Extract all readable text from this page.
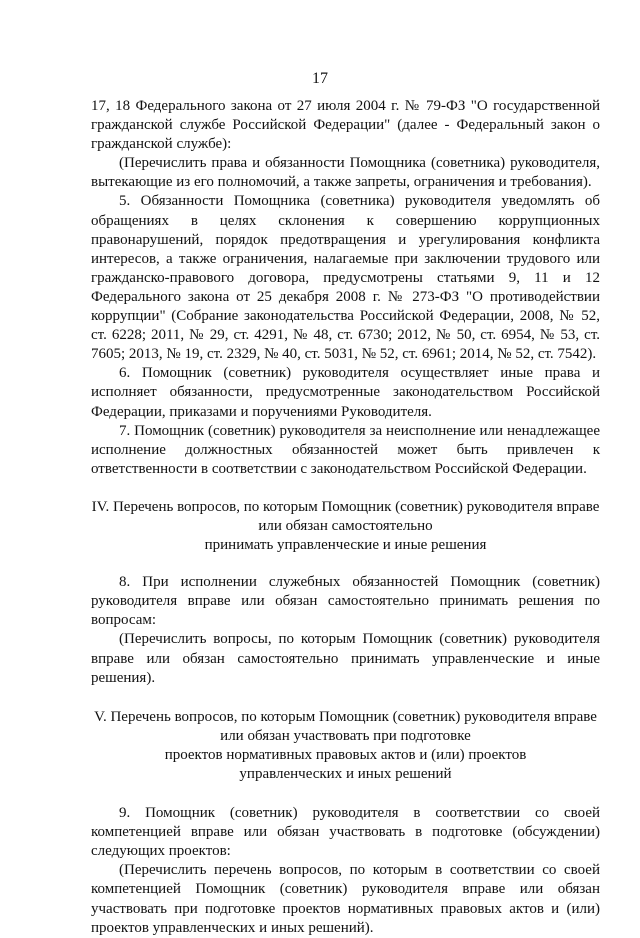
17

17, 18 Федерального закона от 27 июля 2004 г. № 79-ФЗ "О государственной гражданской службе Российской Федерации" (далее - Федеральный закон о гражданской службе):

(Перечислить права и обязанности Помощника (советника) руководителя, вытекающие из его полномочий, а также запреты, ограничения и требования).

5. Обязанности Помощника (советника) руководителя уведомлять об обращениях в целях склонения к совершению коррупционных правонарушений, порядок предотвращения и урегулирования конфликта интересов, а также ограничения, налагаемые при заключении трудового или гражданско-правового договора, предусмотрены статьями 9, 11 и 12 Федерального закона от 25 декабря 2008 г. № 273-ФЗ "О противодействии коррупции" (Собрание законодательства Российской Федерации, 2008, № 52, ст. 6228; 2011, № 29, ст. 4291, № 48, ст. 6730; 2012, № 50, ст. 6954, № 53, ст. 7605; 2013, № 19, ст. 2329, № 40, ст. 5031, № 52, ст. 6961; 2014, № 52, ст. 7542).

6. Помощник (советник) руководителя осуществляет иные права и исполняет обязанности, предусмотренные законодательством Российской Федерации, приказами и поручениями Руководителя.

7. Помощник (советник) руководителя за неисполнение или ненадлежащее исполнение должностных обязанностей может быть привлечен к ответственности в соответствии с законодательством Российской Федерации.

IV. Перечень вопросов, по которым Помощник (советник) руководителя вправе
или обязан самостоятельно
принимать управленческие и иные решения

8. При исполнении служебных обязанностей Помощник (советник) руководителя вправе или обязан самостоятельно принимать решения по вопросам:

(Перечислить вопросы, по которым Помощник (советник) руководителя вправе или обязан самостоятельно принимать управленческие и иные решения).

V. Перечень вопросов, по которым Помощник (советник) руководителя вправе
или обязан участвовать при подготовке
проектов нормативных правовых актов и (или) проектов
управленческих и иных решений

9. Помощник (советник) руководителя в соответствии со своей компетенцией вправе или обязан участвовать в подготовке (обсуждении) следующих проектов:

(Перечислить перечень вопросов, по которым в соответствии со своей компетенцией Помощник (советник) руководителя вправе или обязан участвовать при подготовке проектов нормативных правовых актов и (или) проектов управленческих и иных решений).
